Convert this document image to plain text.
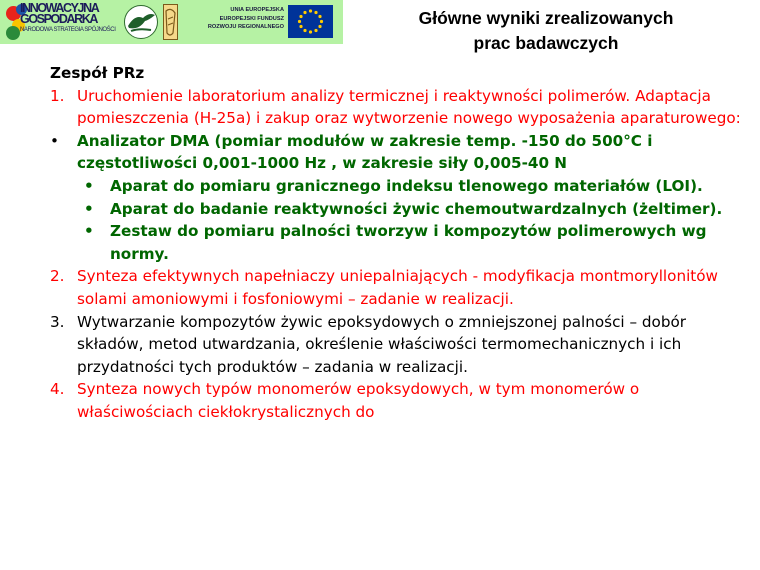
INNOWACYJNA
GOSPODARKA
NARODOWA STRATEGIA SPÓJNOŚCI
UNIA EUROPEJSKA
EUROPEJSKI FUNDUSZ
ROZWOJU REGIONALNEGO	Główne wyniki zrealizowanych
prac badawczych

Zespół PRz

1. Uruchomienie laboratorium analizy termicznej i reaktywności polimerów. Adaptacja pomieszczenia (H-25a) i zakup oraz wytworzenie nowego wyposażenia aparaturowego:

• Analizator DMA (pomiar modułów w zakresie temp. -150 do 500°C i częstotliwości 0,001-1000 Hz , w zakresie siły 0,005-40 N

• Aparat do pomiaru granicznego indeksu tlenowego materiałów (LOI).

• Aparat do badanie reaktywności żywic chemoutwardzalnych (żeltimer).

• Zestaw do pomiaru palności tworzyw i kompozytów polimerowych wg normy.

2. Synteza efektywnych napełniaczy uniepalniających - modyfikacja montmoryllonitów solami amoniowymi i fosfoniowymi – zadanie w realizacji.

3. Wytwarzanie kompozytów żywic epoksydowych o zmniejszonej palności – dobór składów, metod utwardzania, określenie właściwości termomechanicznych i ich przydatności tych produktów – zadania w realizacji.

4. Synteza nowych typów monomerów epoksydowych, w tym monomerów o właściwościach ciekłokrystalicznych do
